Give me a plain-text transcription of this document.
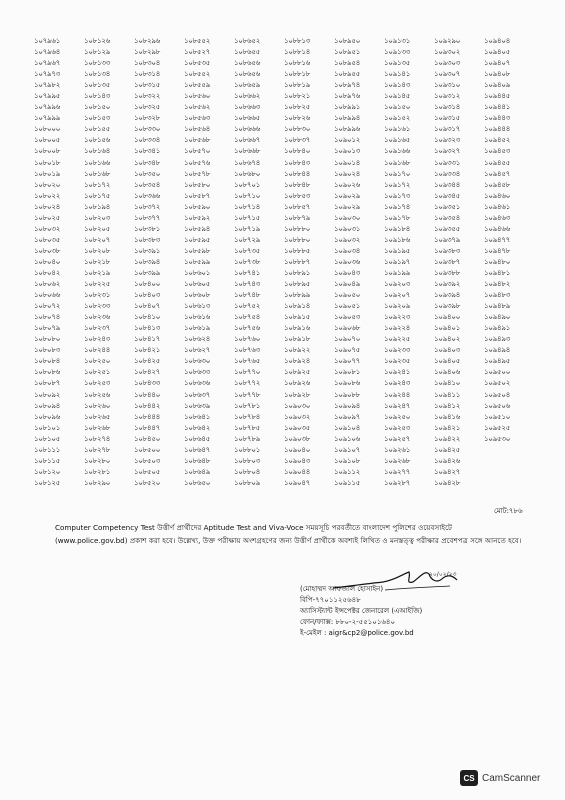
১০৭৯৬১	১০৮১২৬	১০৮২৯৬	১০৮৫৫২	১০৮৬৫২	১০৮৮১৩	১০৮৯৫০	১০৯১৩১	১০৯২৯০	১০৯৪০৪
১০৭৯৬৪	১০৮১২৯	১০৮২৯৮	১০৮৫২৭	১০৮৬৫৫	১০৮৮১৪	১০৮৯৫১	১০৯১৩৩	১০৯৩০২	১০৯৪০৫
১০৭৯৬৭	১০৮১৩৩	১০৮৩০৪	১০৮৫৩৫	১০৮৬৫৬	১০৮৮১৬	১০৮৯৫৪	১০৯১৩৫	১০৯৩০৩	১০৯৪০৭
১০৭৯৭৩	১০৮১৩৪	১০৮৩১৪	১০৮৫৫২	১০৮৬৫৬	১০৮৮১৮	১০৮৯৫৫	১০৯১৪১	১০৯৩০৭	১০৯৪০৮
১০৭৯৮২	১০৮১৩৫	১০৮৩১৫	১০৮৫৫৯	১০৮৬৫৯	১০৮৮১৯	১০৮৯৭৪	১০৯১৪৩	১০৯৩১০	১০৯৪০৯
১০৭৯৯৫	১০৮১৪৩	১০৮৩২২	১০৮৫৬০	১০৮৬৬২	১০৮৮২১	১০৮৯৭৬	১০৯১৪৫	১০৯৩১২	১০৯৪৪৫
১০৭৯৯৬	১০৮১৫০	১০৮৩২৫	১০৮৫৬২	১০৮৬৬৩	১০৮৮২৫	১০৮৯৯১	১০৯১৫০	১০৯৩১৪	১০৯৪৪১
১০৭৯৯৯	১০৮১৫৩	১০৮৩২৮	১০৮৫৬৩	১০৮৬৬৫	১০৮৮২৬	১০৮৯৯৪	১০৯১৫২	১০৯৩১৫	১০৯৪৪৩
১০৮০০০	১০৮১৫৫	১০৮৩৩০	১০৮৫৬৪	১০৮৬৬৬	১০৮৮৩০	১০৮৯৯৬	১০৯১৬১	১০৯৩১৭	১০৯৪৪৪
১০৮০০৫	১০৮১৫৬	১০৮৩৩৪	১০৮৫৬৮	১০৮৬৬৭	১০৮৮৩৭	১০৯০১২	১০৯১৬৫	১০৯৩২৩	১০৯৪৫২
১০৮০০৮	১০৮১৬৪	১০৮৩৪১	১০৮৫৭০	১০৮৬৬৮	১০৮৮৪০	১০৯০১৩	১০৯১৬৬	১০৯৩২৭	১০৯৪৫৩
১০৮০১৮	১০৮১৬৬	১০৮৩৪৮	১০৮৫৭৬	১০৮৬৭৪	১০৮৮৪৩	১০৯০১৪	১০৯১৬৮	১০৯৩৩১	১০৯৪৫৫
১০৮০১৯	১০৮১৬৮	১০৮৩৫০	১০৮৫৭৮	১০৮৬৮০	১০৮৮৪৪	১০৯০২৪	১০৯১৭০	১০৯৩৩৪	১০৯৪৫৭
১০৮০২০	১০৮১৭২	১০৮৩৫৪	১০৮৫৮০	১০৮৭০১	১০৮৮৪৮	১০৯০২৬	১০৯১৭২	১০৯৩৪৪	১০৯৪৫৮
১০৮০২২	১০৮১৭৫	১০৮৩৬৬	১০৮৫৮৭	১০৮৭১০	১০৮৮৫৩	১০৯০২৯	১০৯১৭৩	১০৯৩৪৫	১০৯৪৬০
১০৮০২৪	১০৮১৯৪	১০৮৩৭২	১০৮৫৯০	১০৮৭১৪	১০৮৮৫৭	১০৯০২৯	১০৯১৭৪	১০৯৩৫১	১০৯৪৬১
১০৮০২৫	১০৮২০৩	১০৮৩৭৭	১০৮৫৯২	১০৮৭১৫	১০৮৮৭৯	১০৯০৩০	১০৯১৭৮	১০৯৩৫৪	১০৯৪৬৩
১০৮০৩২	১০৮২০৫	১০৮৩৮১	১০৮৫৯৪	১০৮৭১৯	১০৮৮৮০	১০৯০৩১	১০৯১৮৪	১০৯৩৫৫	১০৯৪৬৬
১০৮০৩৫	১০৮২০৭	১০৮৩৮৩	১০৮৫৯৫	১০৮৭২৯	১০৮৮৮০	১০৯০৩২	১০৯১৮৬	১০৯৩৭৯	১০৯৪৭৭
১০৮০৩৮	১০৮২০৮	১০৮৩৯১	১০৮৫৯৮	১০৮৭৩৫	১০৮৮৮৫	১০৯০৩৪	১০৯১৯৫	১০৯৩৮৩	১০৯৪৭৮
১০৮০৪০	১০৮২১৮	১০৮৩৯৪	১০৮৫৯৯	১০৮৭৩৮	১০৮৮৮৭	১০৯০৩৬	১০৯১৯৭	১০৯৩৮৭	১০৯৪৮০
১০৮০৪২	১০৮২১৯	১০৮৩৯৯	১০৮৬০১	১০৮৭৪১	১০৮৮৯১	১০৯০৪৩	১০৯১৯৯	১০৯৩৮৮	১০৯৪৮১
১০৮০৬২	১০৮২২৫	১০৮৪০০	১০৮৬০৫	১০৮৭৪৩	১০৮৮৯৫	১০৯০৪৯	১০৯২০৩	১০৯৩৯২	১০৯৪৮২
১০৮০৬৬	১০৮২৩১	১০৮৪০৩	১০৮৬০৮	১০৮৭৪৮	১০৮৮৯৯	১০৯০৫০	১০৯২০৭	১০৯৩৯৪	১০৯৪৮৩
১০৮০৭২	১০৮২৩৩	১০৮৪০৭	১০৮৬১৩	১০৮৭৫২	১০৮৯১৪	১০৯০৫১	১০৯২০৯	১০৯৩৯৮	১০৯৪৮৯
১০৮০৭৪	১০৮২৩৬	১০৮৪১০	১০৮৬১৬	১০৮৭৫৪	১০৮৯১৫	১০৯০৫৩	১০৯২২৩	১০৯৪০০	১০৯৪৯০
১০৮০৭৯	১০৮২৩৭	১০৮৪১৩	১০৮৬১৯	১০৮৭৫৬	১০৮৯১৬	১০৯০৬৮	১০৯২২৪	১০৯৪০১	১০৯৪৯১
১০৮০৮০	১০৮২৪৩	১০৮৪১৭	১০৮৬২৪	১০৮৭৬০	১০৮৯১৮	১০৯০৭০	১০৯২২৫	১০৯৪০২	১০৯৪৯৩
১০৮০৮৩	১০৮২৪৪	১০৮৪২১	১০৮৬২৭	১০৮৭৬৩	১০৮৯২২	১০৯০৭৫	১০৯২৩৩	১০৯৪০৩	১০৯৪৯৪
১০৮০৮৪	১০৮২৫০	১০৮৪২৫	১০৮৬৩০	১০৮৭৬৫	১০৮৯২৪	১০৯০৭৭	১০৯২৩৫	১০৯৪০৫	১০৯৪৯৫
১০৮০৮৬	১০৮২৫১	১০৮৪২৭	১০৮৬৩৩	১০৮৭৭০	১০৮৯২৫	১০৯০৮১	১০৯২৪১	১০৯৪০৬	১০৯৫০০
১০৮০৮৭	১০৮২৫৩	১০৮৪৩৩	১০৮৬৩৬	১০৮৭৭২	১০৮৯২৬	১০৯০৮৬	১০৯২৪৩	১০৯৪১০	১০৯৫০২
১০৮০৯২	১০৮২৫৬	১০৮৪৪০	১০৮৬৩৭	১০৮৭৭৮	১০৮৯২৮	১০৯০৮৮	১০৯২৪৪	১০৯৪১১	১০৯৫০৪
১০৮০৯৪	১০৮২৬০	১০৮৪৪২	১০৮৬৩৯	১০৮৭৮১	১০৯০৩০	১০৯০৯৪	১০৯২৪৭	১০৯৪১২	১০৯৫০৬
১০৮০৯৬	১০৮২৬৫	১০৮৪৪৪	১০৮৬৪১	১০৮৭৮৪	১০৯০৩২	১০৯০৯৭	১০৯২৫০	১০৯৪১৬	১০৯৫১০
১০৮১০১	১০৮২৬৮	১০৮৪৪৭	১০৮৬৪২	১০৮৭৮৫	১০৯০৩৫	১০৯১০৪	১০৯২৫৩	১০৯৪২১	১০৯৫২৫
১০৮১০৫	১০৮২৭৪	১০৮৪৫০	১০৮৬৪৫	১০৮৭৮৯	১০৯০৩৮	১০৯১০৬	১০৯২৫৭	১০৯৪২২	১০৯৫৩০
১০৮১১১	১০৮২৭৮	১০৮৫০০	১০৮৬৪৭	১০৮৮০১	১০৯০৪০	১০৯১০৭	১০৯২৬১	১০৯৪২৫
১০৮১১৫	১০৮২৮০	১০৮৫০৩	১০৮৬৪৮	১০৮৮০৩	১০৯০৪৩	১০৯১০৮	১০৯২৬৮	১০৯৪২৬
১০৮১২০	১০৮২৮১	১০৮৫০৫	১০৮৬৪৯	১০৮৮০৪	১০৯০৪৪	১০৯১১২	১০৯২৭৭	১০৯৪২৭
১০৮১২৫	১০৮২৯০	১০৮৫২০	১০৮৬৫০	১০৮৮০৯	১০৯০৪৭	১০৯১১৫	১০৯২৮৭	১০৯৪২৮
মোট:৭৮৬
Computer Competency Test উত্তীর্ণ প্রার্থীদের Aptitude Test and Viva-Voce সময়সূচি পরবর্তীতে বাংলাদেশ পুলিশের ওয়েবসাইটে (www.police.gov.bd) প্রকাশ করা হবে। উল্লেখ্য, উক্ত পরীক্ষায় অংশগ্রহণের জন্য উত্তীর্ণ প্রার্থীকে অবশ্যই লিখিত ও মনস্তত্ত্ব পরীক্ষার প্রবেশপত্র সঙ্গে আনতে হবে।
২০/০২/২৩
(মোহাম্মদ আফজাল হোসাইন)
বিপি-৭৭০১১২৫৬৪৮
অ্যাসিস্ট্যান্ট ইন্সপেক্টর জেনারেল (এআইজি)
ফোন/ফ্যাক্স: ৮৮০-২-৫৫১০১৬৪০
ই-মেইল : aigr&cp2@police.gov.bd
CS CamScanner
